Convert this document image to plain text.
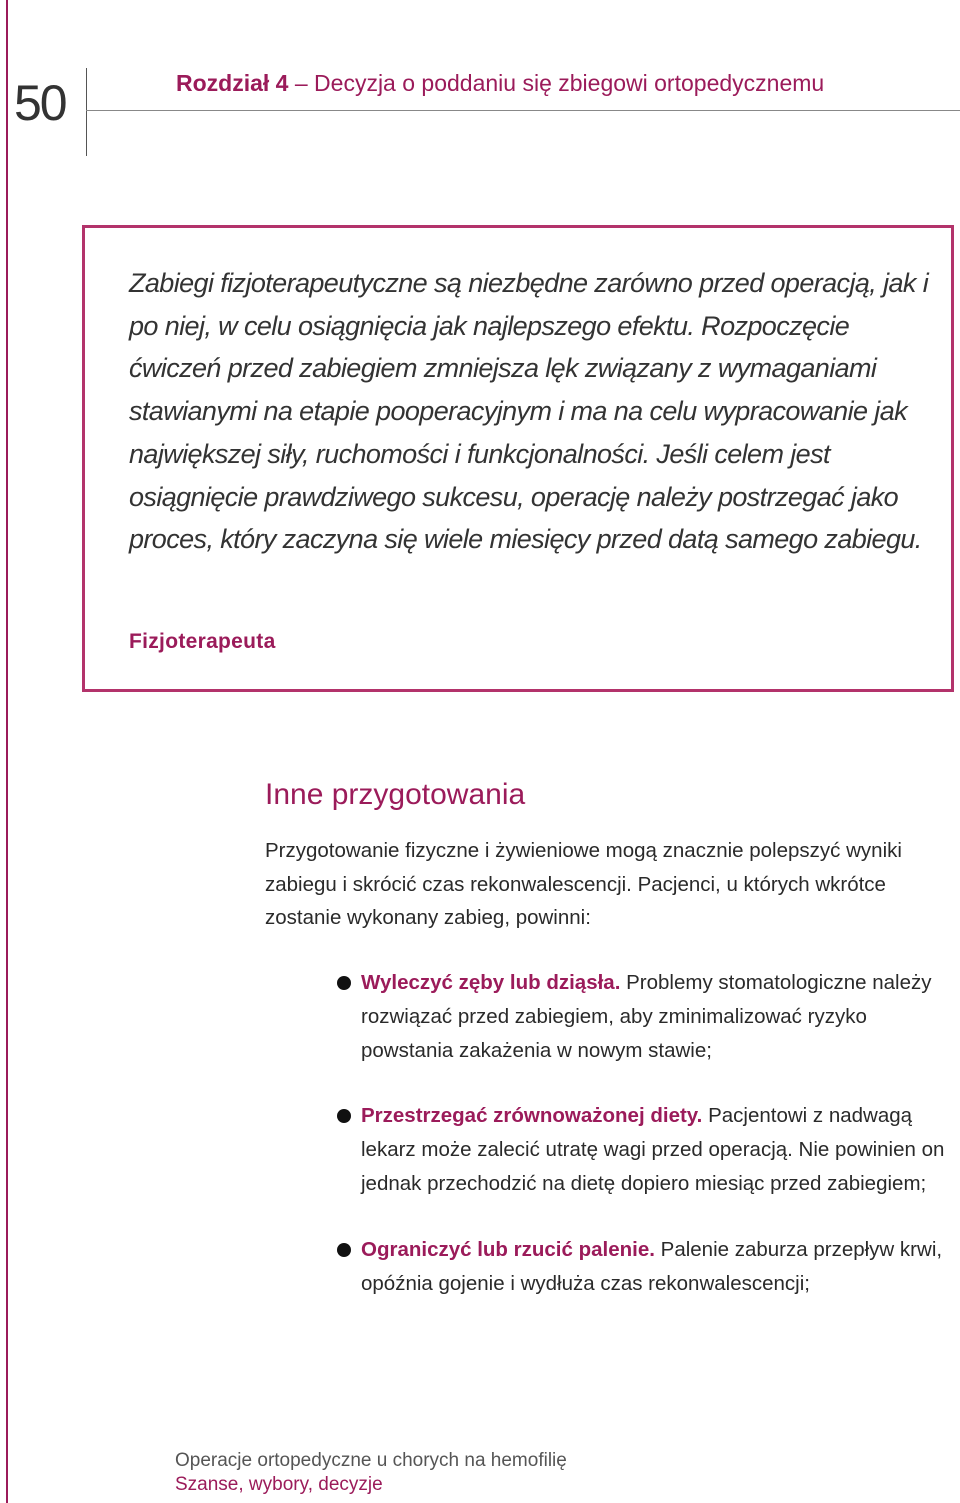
50	Rozdział 4 – Decyzja o poddaniu się zbiegowi ortopedycznemu

Zabiegi fizjoterapeutyczne są niezbędne zarówno przed operacją, jak i po niej, w celu osiągnięcia jak najlepszego efektu. Rozpoczęcie ćwiczeń przed zabiegiem zmniejsza lęk związany z wymaganiami stawianymi na etapie pooperacyjnym i ma na celu wypracowanie jak największej siły, ruchomości i funkcjonalności. Jeśli celem jest osiągnięcie prawdziwego sukcesu, operację należy postrzegać jako proces, który zaczyna się wiele miesięcy przed datą samego zabiegu.

Fizjoterapeuta
Inne przygotowania

Przygotowanie fizyczne i żywieniowe mogą znacznie polepszyć wyniki zabiegu i skrócić czas rekonwalescencji. Pacjenci, u których wkrótce zostanie wykonany zabieg, powinni:

Wyleczyć zęby lub dziąsła. Problemy stomatologiczne należy rozwiązać przed zabiegiem, aby zminimalizować ryzyko powstania zakażenia w nowym stawie;
Przestrzegać zrównoważonej diety. Pacjentowi z nadwagą lekarz może zalecić utratę wagi przed operacją. Nie powinien on jednak przechodzić na dietę dopiero miesiąc przed zabiegiem;
Ograniczyć lub rzucić palenie. Palenie zaburza przepływ krwi, opóźnia gojenie i wydłuża czas rekonwalescencji;
Operacje ortopedyczne u chorych na hemofilię
Szanse, wybory, decyzje
